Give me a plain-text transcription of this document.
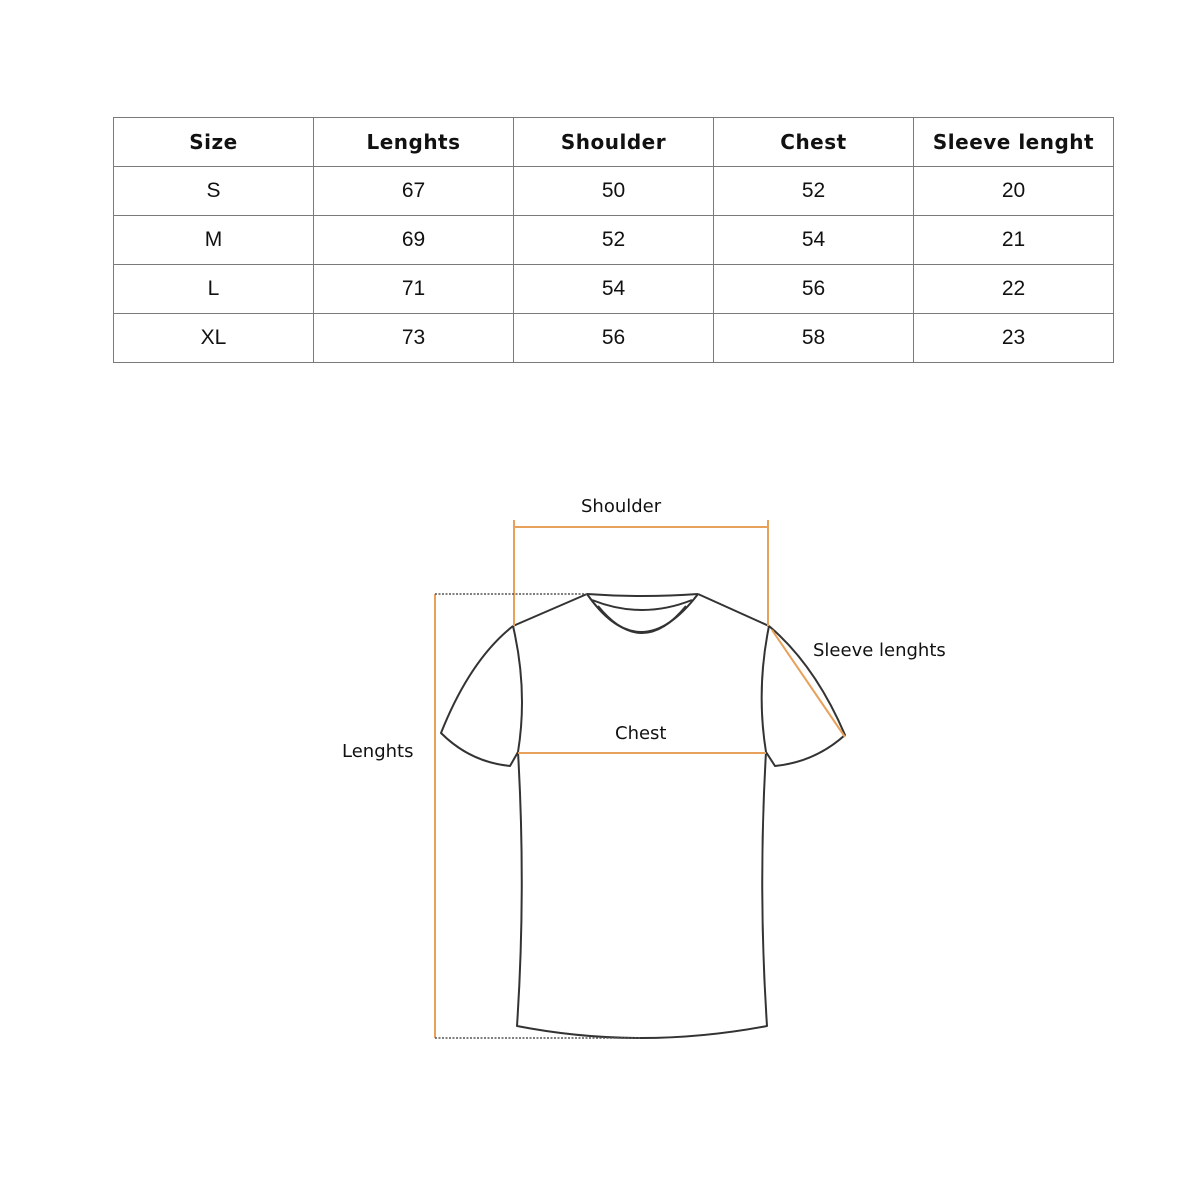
Size	Lenghts	Shoulder	Chest	Sleeve lenght
S	67	50	52	20
M	69	52	54	21
L	71	54	56	22
XL	73	56	58	23
Shoulder
Sleeve lenghts
Chest
Lenghts
